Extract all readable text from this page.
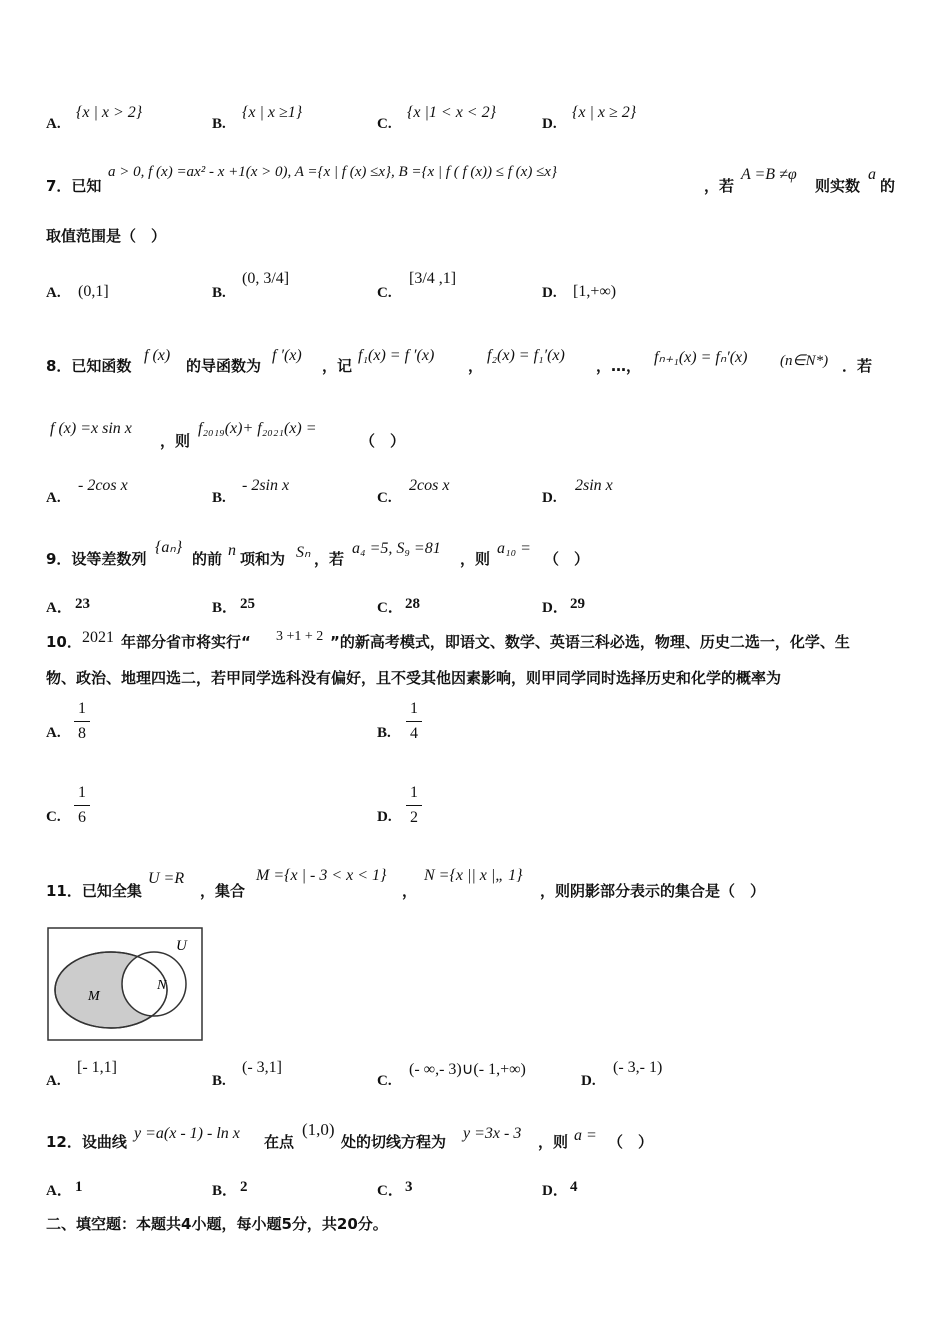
A.
{x | x > 2}
B.
{x | x ≥1}
C.
{x |1 < x < 2}
D.
{x | x ≥ 2}
7．已知
a > 0, f (x) =ax² - x +1(x > 0), A ={x | f (x) ≤x}, B ={x | f ( f (x)) ≤ f (x) ≤x}
，若
A =B ≠φ
则实数
a
的
取值范围是（　）
A. (0,1]	B.
(0, 3/4]
C.
[3/4 ,1]
D. [1,+∞)
8．已知函数
f (x)
的导函数为
f ′(x)
，记
f₁(x) = f ′(x)
，
f₂(x) = f₁′(x)
，…， fₙ₊₁(x) = fₙ′(x) (n∈N*) ．若
f (x) =x sin x
，则
f₂₀₁₉(x)+ f₂₀₂₁(x) =
（　）
A.
- 2cos x
B.
- 2sin x
C.
2cos x
D.
2sin x
9．设等差数列
{aₙ}
的前 n 项和为 Sₙ ，若
a₄ =5, S₉ =81
，则
a₁₀ =
（　）
A． 23	B． 25	C． 28	D． 29
10． 2021 年部分省市将实行“ 3 +1 + 2 ”的新高考模式，即语文、数学、英语三科必选，物理、历史二选一，化学、生
物、政治、地理四选二，若甲同学选科没有偏好，且不受其他因素影响，则甲同学同时选择历史和化学的概率为
A.
1
8	B.
1
4
C.
1
6	D.
1
2
11．已知全集
U =R
，集合
M ={x | - 3 < x < 1}
，
N ={x || x |„ 1}
，则阴影部分表示的集合是（　）
U
M
N
A.
[- 1,1]
B.
(- 3,1]
C.
(- ∞,- 3)∪(- 1,+∞)
D.
(- 3,- 1)
12．设曲线 y =a(x - 1) - ln x 在点
(1,0)
处的切线方程为 y =3x - 3 ，则 a = （　）
A． 1	B． 2	C． 3	D． 4
二、填空题：本题共4小题，每小题5分，共20分。
